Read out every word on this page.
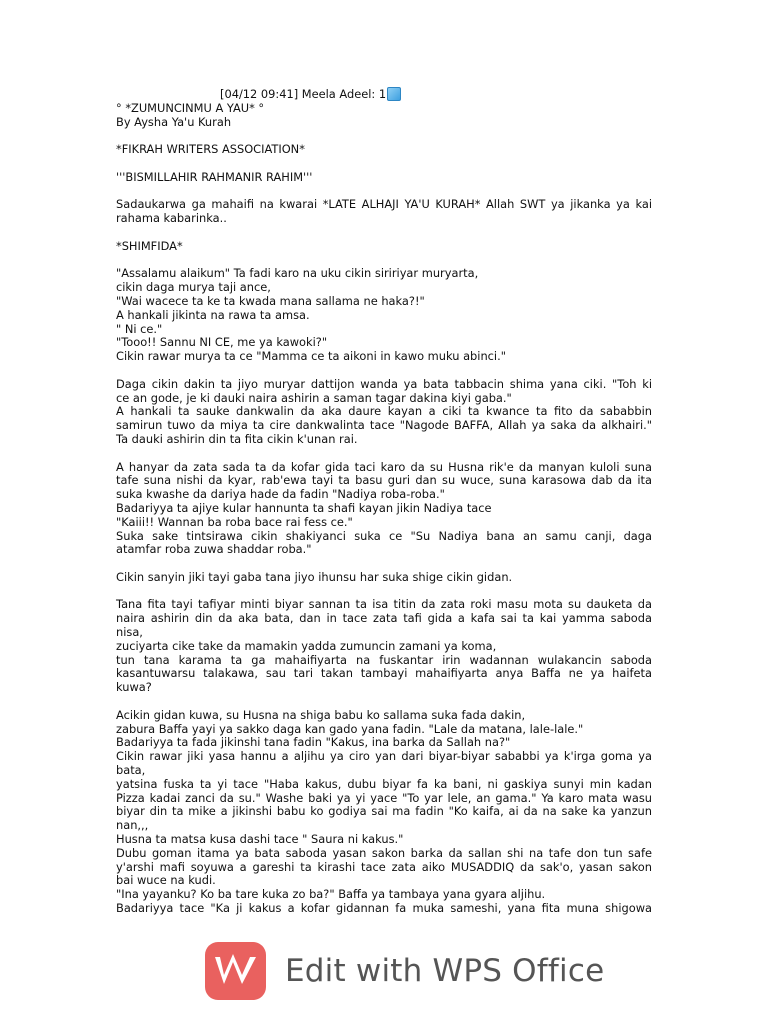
[04/12 09:41] Meela Adeel: 1
° *ZUMUNCINMU A YAU* °
By Aysha Ya'u Kurah
*FIKRAH WRITERS ASSOCIATION*
'''BISMILLAHIR RAHMANIR RAHIM'''
Sadaukarwa ga mahaifi na kwarai *LATE ALHAJI YA'U KURAH* Allah SWT ya jikanka ya kai
rahama kabarinka..
*SHIMFIDA*
"Assalamu alaikum" Ta fadi karo na uku cikin siririyar muryarta,
cikin daga murya taji ance,
"Wai wacece ta ke ta kwada mana sallama ne haka?!"
A hankali jikinta na rawa ta amsa.
" Ni ce."
"Tooo!! Sannu NI CE, me ya kawoki?"
Cikin rawar murya ta ce "Mamma ce ta aikoni in kawo muku abinci."
Daga cikin dakin ta jiyo muryar dattijon wanda ya bata tabbacin shima yana ciki. "Toh ki
ce an gode, je ki dauki naira ashirin a saman tagar dakina kiyi gaba."
A hankali ta sauke dankwalin da aka daure kayan a ciki ta kwance ta fito da sababbin
samirun tuwo da miya ta cire dankwalinta tace "Nagode BAFFA, Allah ya saka da alkhairi."
Ta dauki ashirin din ta fita cikin k'unan rai.
A hanyar da zata sada ta da kofar gida taci karo da su Husna rik'e da manyan kuloli suna
tafe suna nishi da kyar, rab'ewa tayi ta basu guri dan su wuce, suna karasowa dab da ita
suka kwashe da dariya hade da fadin "Nadiya roba-roba."
Badariyya ta ajiye kular hannunta ta shafi kayan jikin Nadiya tace
"Kaiii!! Wannan ba roba bace rai fess ce."
Suka sake tintsirawa cikin shakiyanci suka ce "Su Nadiya bana an samu canji, daga
atamfar roba zuwa shaddar roba."
Cikin sanyin jiki tayi gaba tana jiyo ihunsu har suka shige cikin gidan.
Tana fita tayi tafiyar minti biyar sannan ta isa titin da zata roki masu mota su dauketa da
naira ashirin din da aka bata, dan in tace zata tafi gida a kafa sai ta kai yamma saboda
nisa,
zuciyarta cike take da mamakin yadda zumuncin zamani ya koma,
tun tana karama ta ga mahaifiyarta na fuskantar irin wadannan wulakancin saboda
kasantuwarsu talakawa, sau tari takan tambayi mahaifiyarta anya Baffa ne ya haifeta
kuwa?
Acikin gidan kuwa, su Husna na shiga babu ko sallama suka fada dakin,
zabura Baffa yayi ya sakko daga kan gado yana fadin. "Lale da matana, lale-lale."
Badariyya ta fada jikinshi tana fadin "Kakus, ina barka da Sallah na?"
Cikin rawar jiki yasa hannu a aljihu ya ciro yan dari biyar-biyar sababbi ya k'irga goma ya
bata,
yatsina fuska ta yi tace "Haba kakus, dubu biyar fa ka bani, ni gaskiya sunyi min kadan
Pizza kadai zanci da su." Washe baki ya yi yace "To yar lele, an gama." Ya karo mata wasu
biyar din ta mike a jikinshi babu ko godiya sai ma fadin "Ko kaifa, ai da na sake ka yanzun
nan,,,
Husna ta matsa kusa dashi tace " Saura ni kakus."
Dubu goman itama ya bata saboda yasan sakon barka da sallan shi na tafe don tun safe
y'arshi mafi soyuwa a gareshi ta kirashi tace zata aiko MUSADDIQ da sak'o, yasan sakon
bai wuce na kudi.
"Ina yayanku? Ko ba tare kuka zo ba?" Baffa ya tambaya yana gyara aljihu.
Badariyya tace "Ka ji kakus a kofar gidannan fa muka sameshi, yana fita muna shigowa
Edit with WPS Office
